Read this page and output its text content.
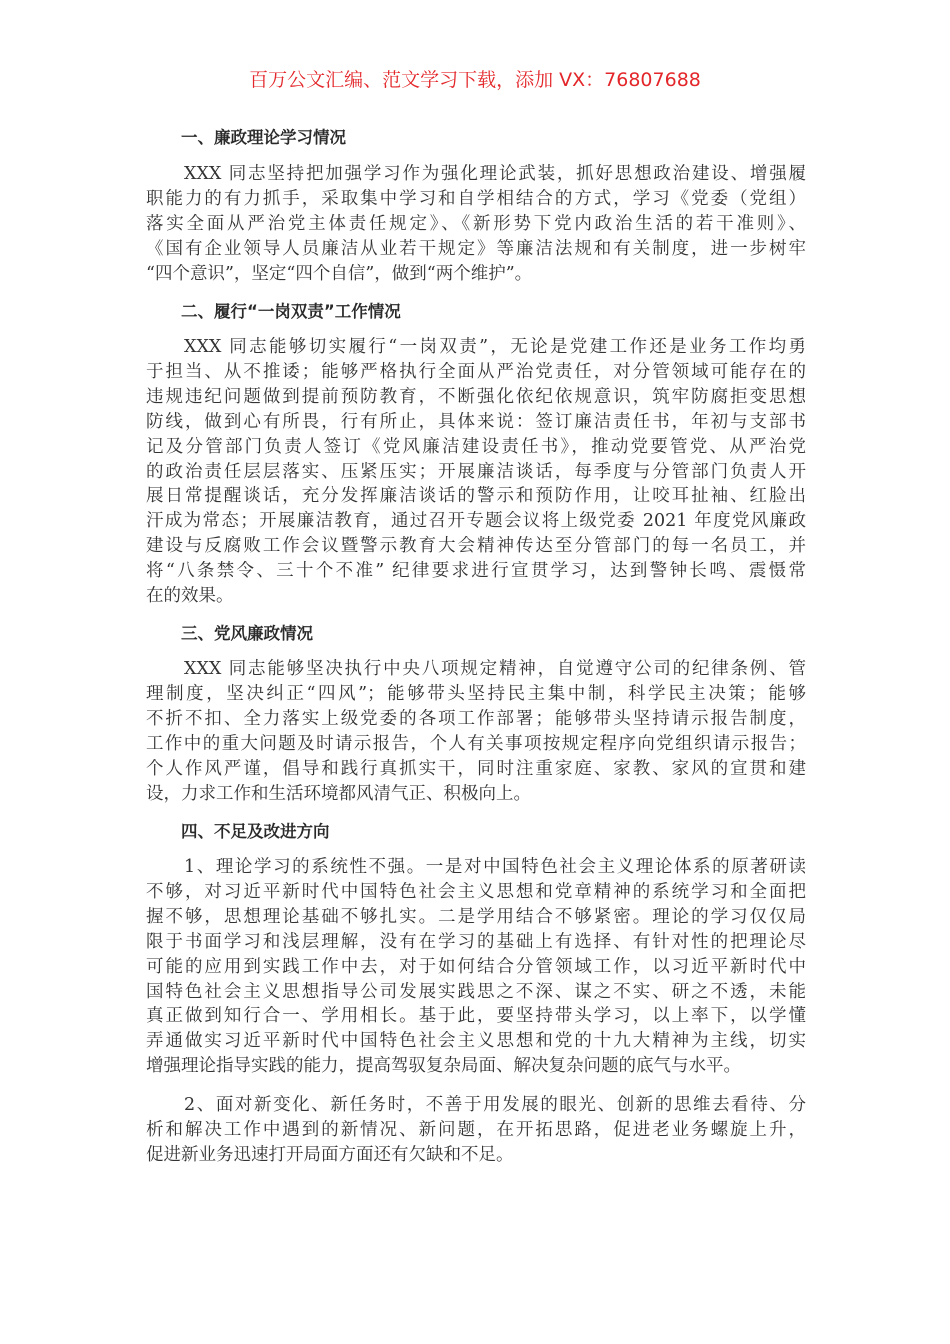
百万公文汇编、范文学习下载，添加 VX：76807688
一、廉政理论学习情况
XXX 同志坚持把加强学习作为强化理论武装，抓好思想政治建设、增强履
职能力的有力抓手，采取集中学习和自学相结合的方式，学习《党委（党组）
落实全面从严治党主体责任规定》、《新形势下党内政治生活的若干准则》、
《国有企业领导人员廉洁从业若干规定》等廉洁法规和有关制度，进一步树牢
“四个意识”，坚定“四个自信”，做到“两个维护”。
二、履行“一岗双责”工作情况
XXX 同志能够切实履行“一岗双责”，无论是党建工作还是业务工作均勇
于担当、从不推诿；能够严格执行全面从严治党责任，对分管领域可能存在的
违规违纪问题做到提前预防教育，不断强化依纪依规意识，筑牢防腐拒变思想
防线，做到心有所畏，行有所止，具体来说：签订廉洁责任书，年初与支部书
记及分管部门负责人签订《党风廉洁建设责任书》，推动党要管党、从严治党
的政治责任层层落实、压紧压实；开展廉洁谈话，每季度与分管部门负责人开
展日常提醒谈话，充分发挥廉洁谈话的警示和预防作用，让咬耳扯袖、红脸出
汗成为常态；开展廉洁教育，通过召开专题会议将上级党委 2021 年度党风廉政
建设与反腐败工作会议暨警示教育大会精神传达至分管部门的每一名员工，并
将“八条禁令、三十个不准” 纪律要求进行宣贯学习，达到警钟长鸣、震慑常
在的效果。
三、党风廉政情况
XXX 同志能够坚决执行中央八项规定精神，自觉遵守公司的纪律条例、管
理制度，坚决纠正“四风”；能够带头坚持民主集中制，科学民主决策；能够
不折不扣、全力落实上级党委的各项工作部署；能够带头坚持请示报告制度，
工作中的重大问题及时请示报告，个人有关事项按规定程序向党组织请示报告；
个人作风严谨，倡导和践行真抓实干，同时注重家庭、家教、家风的宣贯和建
设，力求工作和生活环境都风清气正、积极向上。
四、不足及改进方向
1、理论学习的系统性不强。一是对中国特色社会主义理论体系的原著研读
不够，对习近平新时代中国特色社会主义思想和党章精神的系统学习和全面把
握不够，思想理论基础不够扎实。二是学用结合不够紧密。理论的学习仅仅局
限于书面学习和浅层理解，没有在学习的基础上有选择、有针对性的把理论尽
可能的应用到实践工作中去，对于如何结合分管领域工作，以习近平新时代中
国特色社会主义思想指导公司发展实践思之不深、谋之不实、研之不透，未能
真正做到知行合一、学用相长。基于此，要坚持带头学习，以上率下，以学懂
弄通做实习近平新时代中国特色社会主义思想和党的十九大精神为主线，切实
增强理论指导实践的能力，提高驾驭复杂局面、解决复杂问题的底气与水平。
2、面对新变化、新任务时，不善于用发展的眼光、创新的思维去看待、分
析和解决工作中遇到的新情况、新问题，在开拓思路，促进老业务螺旋上升，
促进新业务迅速打开局面方面还有欠缺和不足。
